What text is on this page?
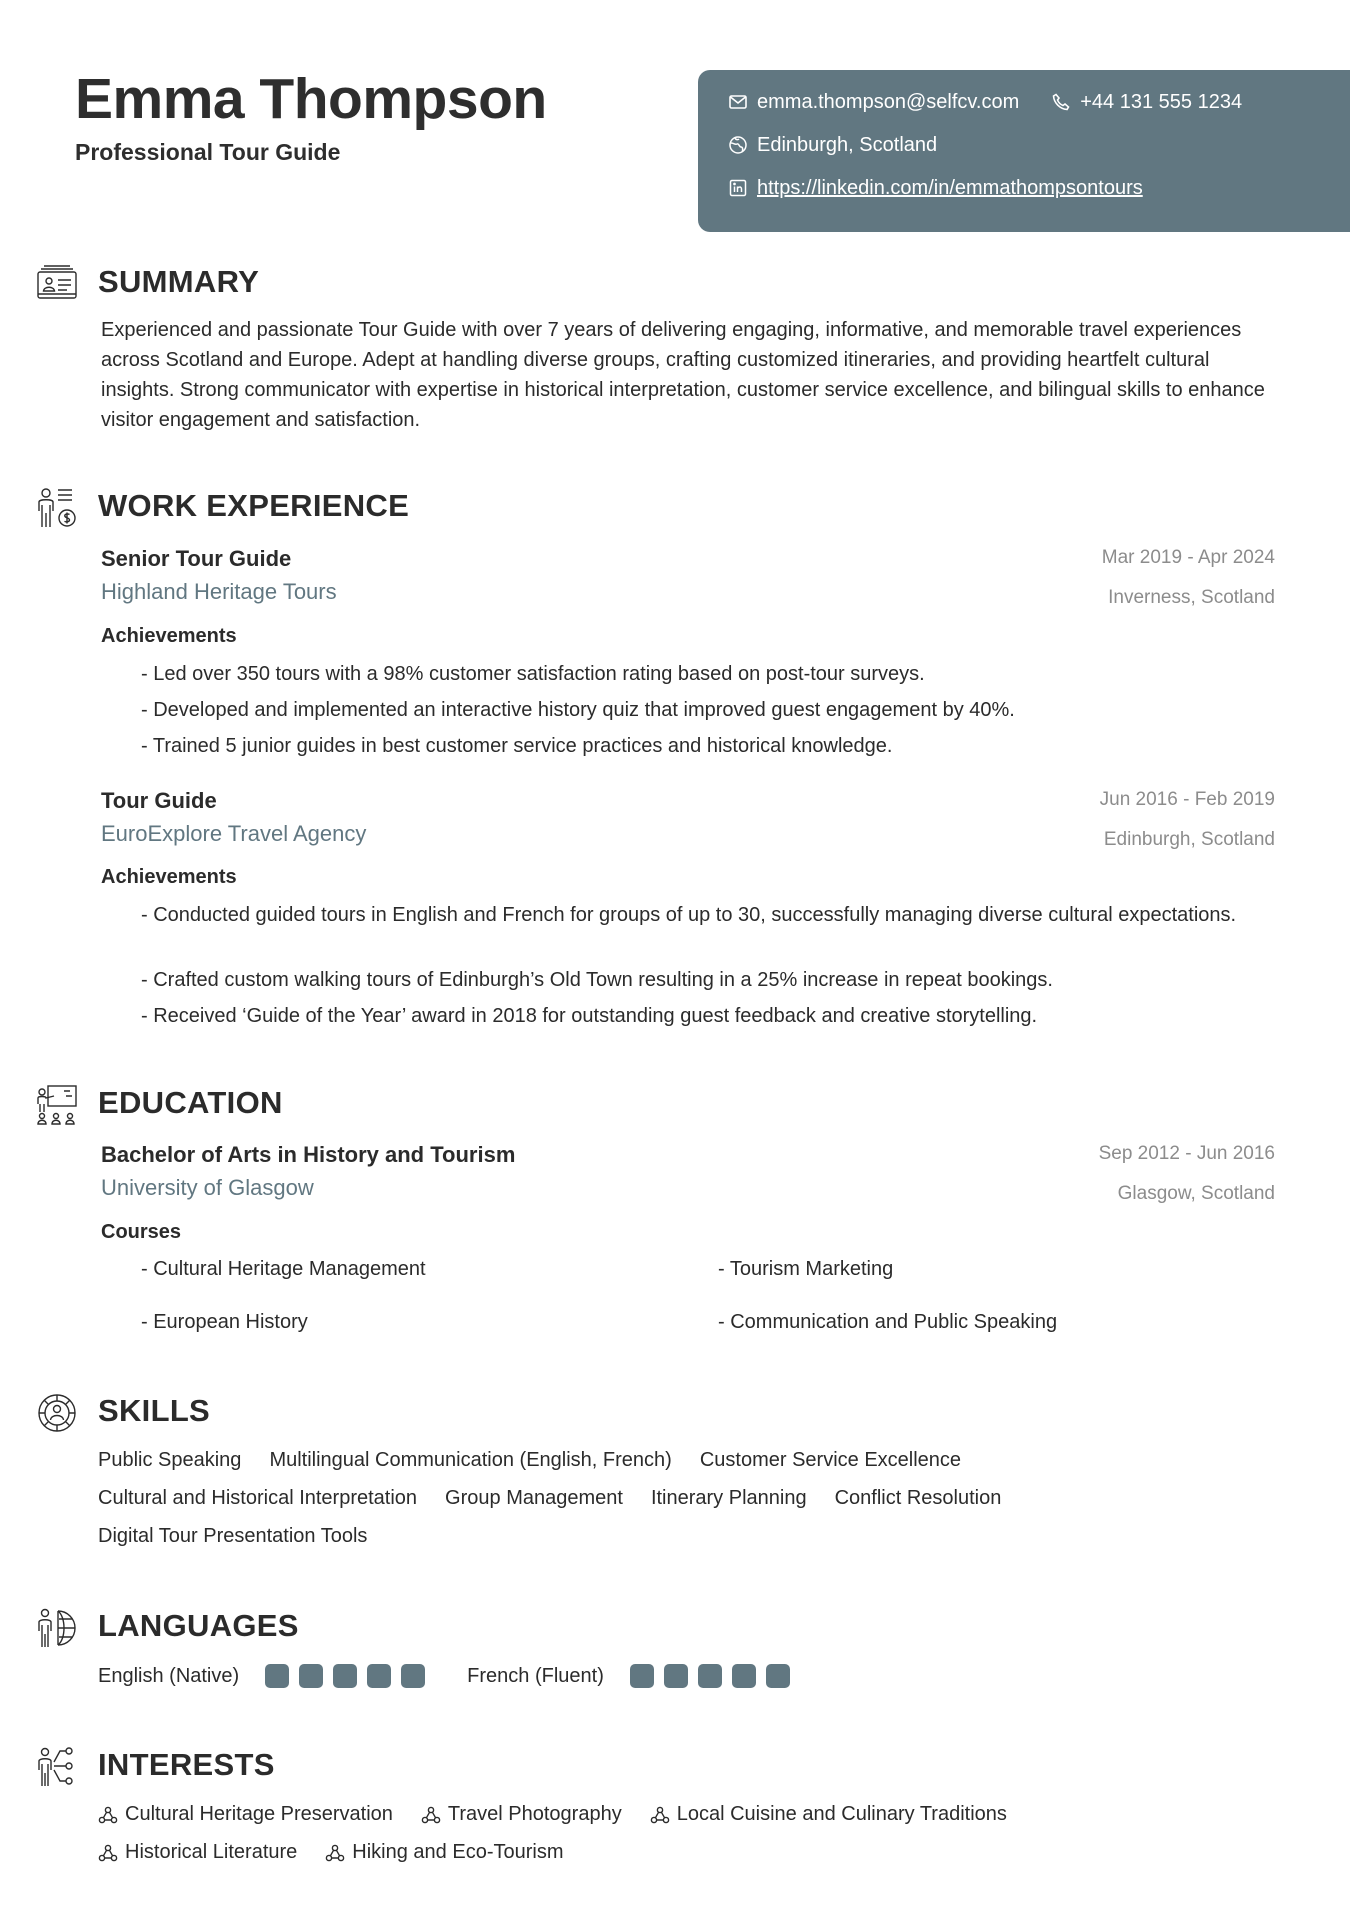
Emma Thompson

Professional Tour Guide

emma.thompson@selfcv.com	+44 131 555 1234
Edinburgh, Scotland
https://linkedin.com/in/emmathompsontours
SUMMARY

Experienced and passionate Tour Guide with over 7 years of delivering engaging, informative, and memorable travel experiences across Scotland and Europe. Adept at handling diverse groups, crafting customized itineraries, and providing heartfelt cultural insights. Strong communicator with expertise in historical interpretation, customer service excellence, and bilingual skills to enhance visitor engagement and satisfaction.

WORK EXPERIENCE

Senior Tour Guide	Mar 2019 - Apr 2024

Highland Heritage Tours	Inverness, Scotland

Achievements

- Led over 350 tours with a 98% customer satisfaction rating based on post-tour surveys.

- Developed and implemented an interactive history quiz that improved guest engagement by 40%.

- Trained 5 junior guides in best customer service practices and historical knowledge.

Tour Guide	Jun 2016 - Feb 2019

EuroExplore Travel Agency	Edinburgh, Scotland

Achievements

- Conducted guided tours in English and French for groups of up to 30, successfully managing diverse cultural expectations.

- Crafted custom walking tours of Edinburgh’s Old Town resulting in a 25% increase in repeat bookings.

- Received ‘Guide of the Year’ award in 2018 for outstanding guest feedback and creative storytelling.

EDUCATION

Bachelor of Arts in History and Tourism	Sep 2012 - Jun 2016

University of Glasgow	Glasgow, Scotland

Courses

- Cultural Heritage Management	- Tourism Marketing

- European History	- Communication and Public Speaking

SKILLS
Public Speaking Multilingual Communication (English, French) Customer Service Excellence
Cultural and Historical Interpretation Group Management Itinerary Planning Conflict Resolution
Digital Tour Presentation Tools
LANGUAGES
English (Native)	French (Fluent)
INTERESTS
Cultural Heritage Preservation	Travel Photography	Local Cuisine and Culinary Traditions
Historical Literature	Hiking and Eco-Tourism
